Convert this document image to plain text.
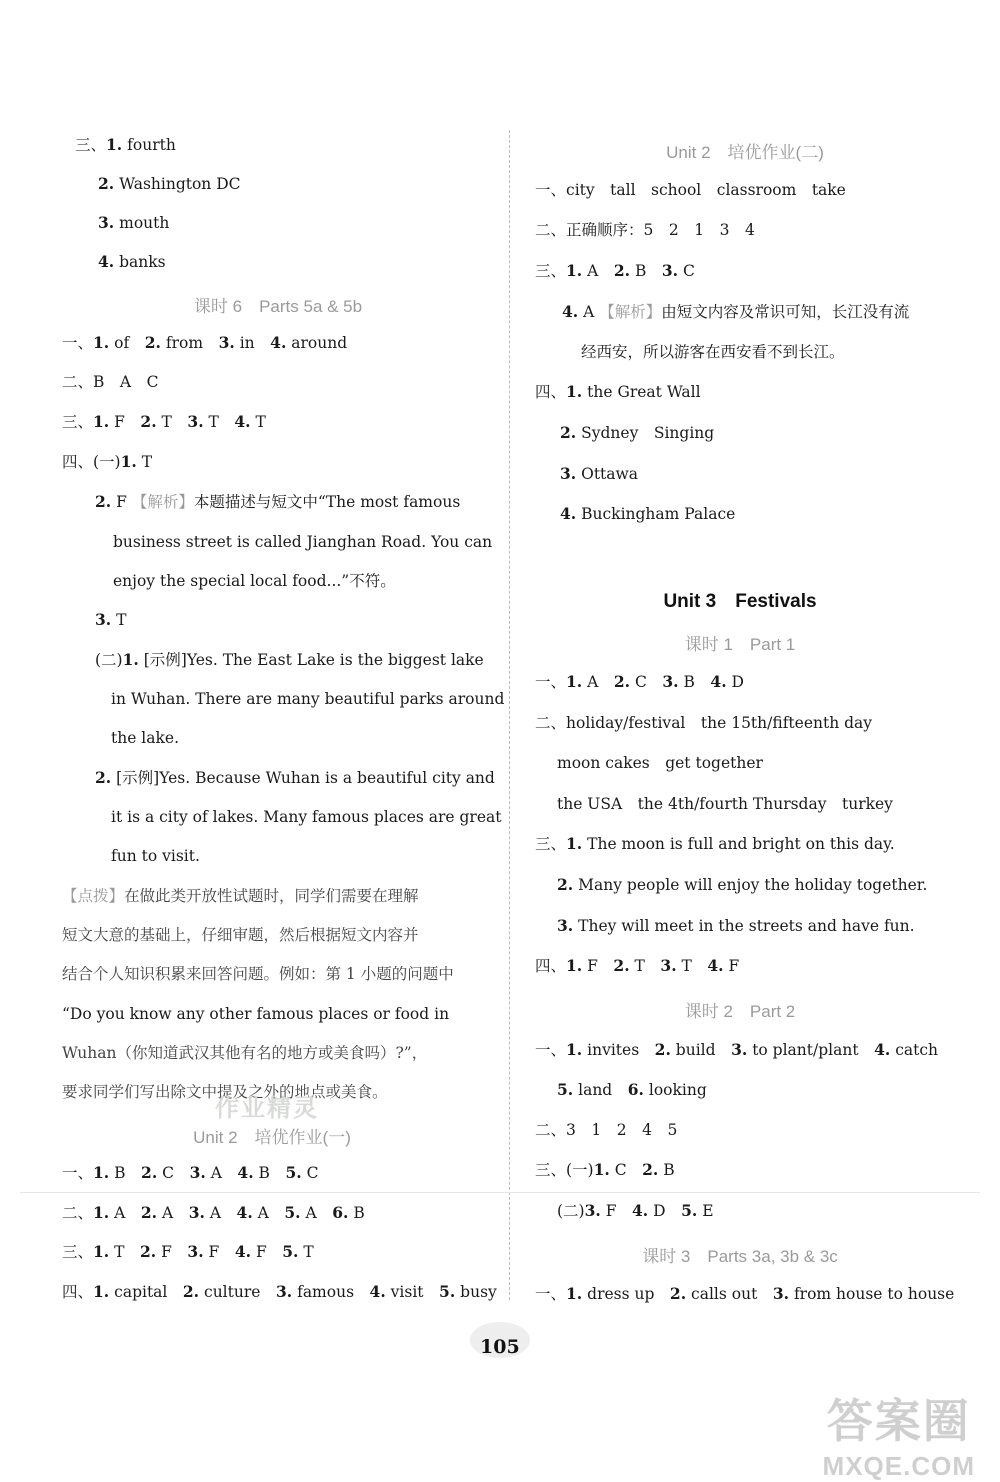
三、1. fourth
2. Washington DC
3. mouth
4. banks
课时 6　Parts 5a & 5b
一、1. of　 2. from　 3. in　 4. around
二、B　A　C
三、1. F　 2. T　 3. T　 4. T
四、(一)1. T
2. F 【解析】本题描述与短文中“The most famous
business street is called Jianghan Road. You can
enjoy the special local food...”不符。
3. T
(二)1. [示例]Yes. The East Lake is the biggest lake
in Wuhan. There are many beautiful parks around
the lake.
2. [示例]Yes. Because Wuhan is a beautiful city and
it is a city of lakes. Many famous places are great
fun to visit.
【点拨】在做此类开放性试题时，同学们需要在理解
短文大意的基础上，仔细审题，然后根据短文内容并
结合个人知识积累来回答问题。例如：第 1 小题的问题中
“Do you know any other famous places or food in
Wuhan（你知道武汉其他有名的地方或美食吗）?”，
要求同学们写出除文中提及之外的地点或美食。
Unit 2　培优作业(一)
一、1. B　 2. C　 3. A　 4. B　 5. C
二、1. A　 2. A　 3. A　 4. A　 5. A　 6. B
三、1. T　 2. F　 3. F　 4. F　 5. T
四、1. capital　 2. culture　 3. famous　 4. visit　 5. busy
作业精灵
Unit 2　培优作业(二)
一、city　tall　school　classroom　take
二、正确顺序：5　2　1　3　4
三、1. A　 2. B　 3. C
4. A 【解析】由短文内容及常识可知，长江没有流
经西安，所以游客在西安看不到长江。
四、1. the Great Wall
2. Sydney　Singing
3. Ottawa
4. Buckingham Palace
Unit 3　Festivals
课时 1　Part 1
一、1. A　 2. C　 3. B　 4. D
二、holiday/festival　the 15th/fifteenth day
moon cakes　get together
the USA　the 4th/fourth Thursday　turkey
三、1. The moon is full and bright on this day.
2. Many people will enjoy the holiday together.
3. They will meet in the streets and have fun.
四、1. F　 2. T　 3. T　 4. F
课时 2　Part 2
一、1. invites　 2. build　 3. to plant/plant　 4. catch
5. land　 6. looking
二、3　1　2　4　5
三、(一)1. C　 2. B
(二)3. F　 4. D　 5. E
课时 3　Parts 3a, 3b & 3c
一、1. dress up　 2. calls out　 3. from house to house
105
答案圈
MXQE.COM
